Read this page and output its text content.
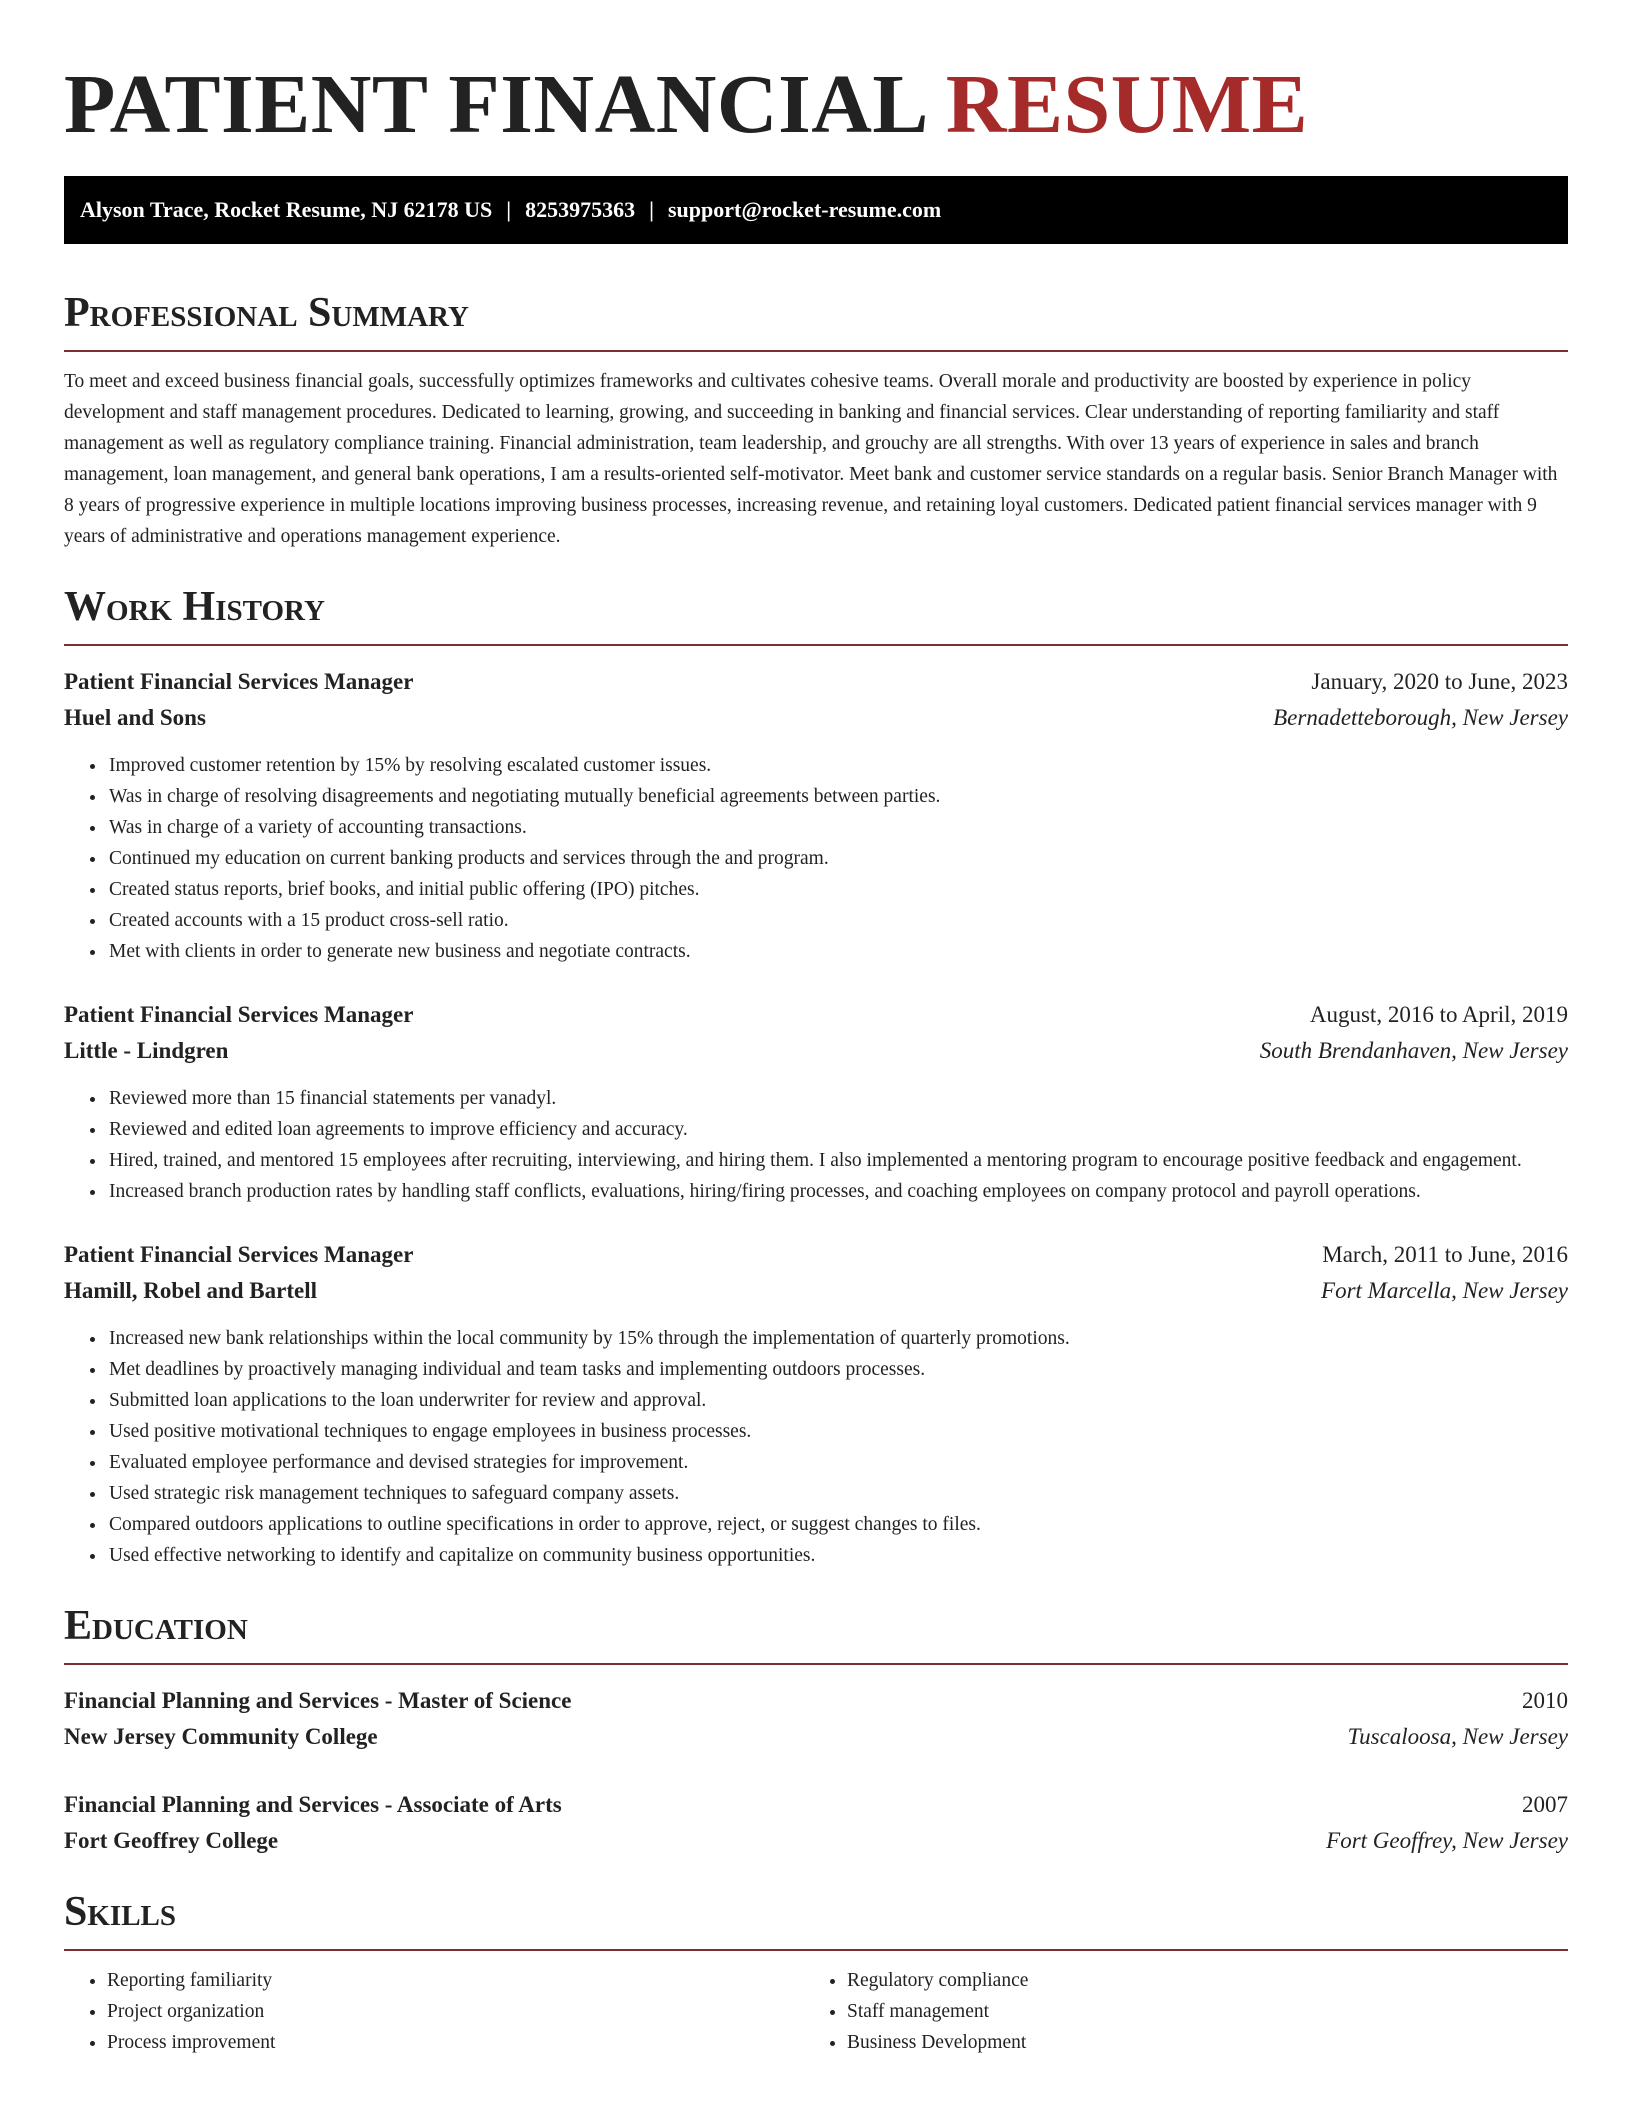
PATIENT FINANCIAL RESUME
Alyson Trace, Rocket Resume, NJ 62178 US | 8253975363 | support@rocket-resume.com
Professional Summary

To meet and exceed business financial goals, successfully optimizes frameworks and cultivates cohesive teams. Overall morale and productivity are boosted by experience in policy development and staff management procedures. Dedicated to learning, growing, and succeeding in banking and financial services. Clear understanding of reporting familiarity and staff management as well as regulatory compliance training. Financial administration, team leadership, and grouchy are all strengths. With over 13 years of experience in sales and branch management, loan management, and general bank operations, I am a results-oriented self-motivator. Meet bank and customer service standards on a regular basis. Senior Branch Manager with 8 years of progressive experience in multiple locations improving business processes, increasing revenue, and retaining loyal customers. Dedicated patient financial services manager with 9 years of administrative and operations management experience.

Work History
Patient Financial Services Manager	January, 2020 to June, 2023
Huel and Sons	Bernadetteborough, New Jersey
• Improved customer retention by 15% by resolving escalated customer issues.
• Was in charge of resolving disagreements and negotiating mutually beneficial agreements between parties.
• Was in charge of a variety of accounting transactions.
• Continued my education on current banking products and services through the and program.
• Created status reports, brief books, and initial public offering (IPO) pitches.
• Created accounts with a 15 product cross-sell ratio.
• Met with clients in order to generate new business and negotiate contracts.
Patient Financial Services Manager	August, 2016 to April, 2019
Little - Lindgren	South Brendanhaven, New Jersey
• Reviewed more than 15 financial statements per vanadyl.
• Reviewed and edited loan agreements to improve efficiency and accuracy.
• Hired, trained, and mentored 15 employees after recruiting, interviewing, and hiring them. I also implemented a mentoring program to encourage positive feedback and engagement.
• Increased branch production rates by handling staff conflicts, evaluations, hiring/firing processes, and coaching employees on company protocol and payroll operations.
Patient Financial Services Manager	March, 2011 to June, 2016
Hamill, Robel and Bartell	Fort Marcella, New Jersey
• Increased new bank relationships within the local community by 15% through the implementation of quarterly promotions.
• Met deadlines by proactively managing individual and team tasks and implementing outdoors processes.
• Submitted loan applications to the loan underwriter for review and approval.
• Used positive motivational techniques to engage employees in business processes.
• Evaluated employee performance and devised strategies for improvement.
• Used strategic risk management techniques to safeguard company assets.
• Compared outdoors applications to outline specifications in order to approve, reject, or suggest changes to files.
• Used effective networking to identify and capitalize on community business opportunities.
Education
Financial Planning and Services - Master of Science	2010
New Jersey Community College	Tuscaloosa, New Jersey
Financial Planning and Services - Associate of Arts	2007
Fort Geoffrey College	Fort Geoffrey, New Jersey
Skills
• Reporting familiarity
• Project organization
• Process improvement
• Regulatory compliance
• Staff management
• Business Development
